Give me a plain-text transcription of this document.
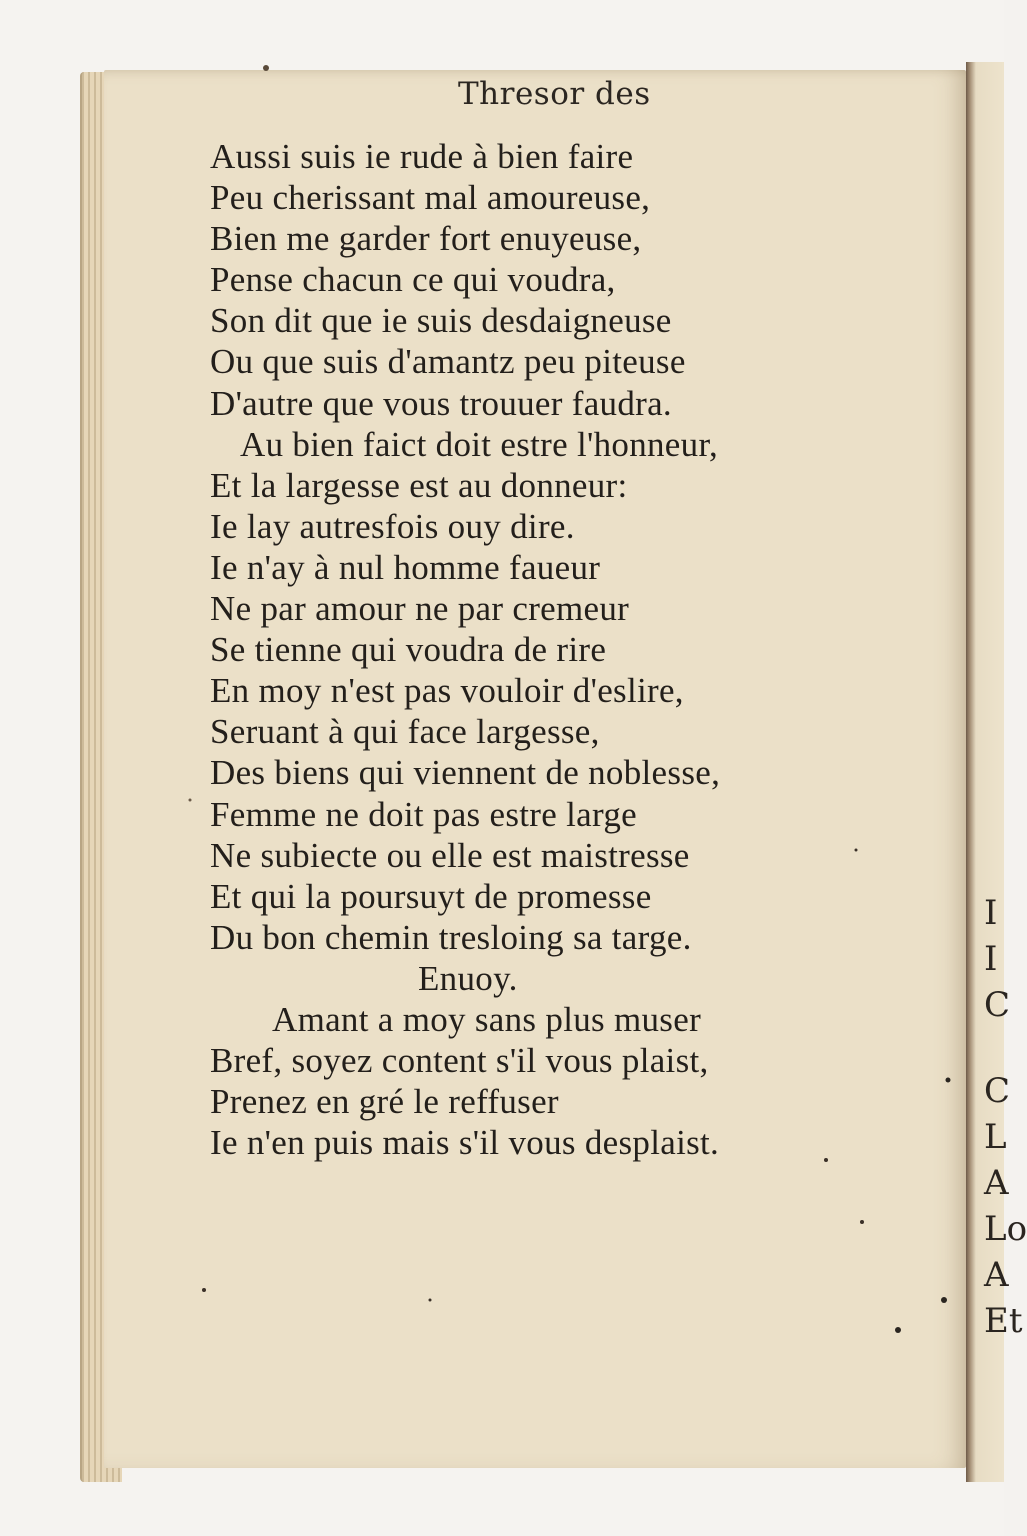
I
I
C
C
L
A
Lo
A
Et
Thresor des
Aussi suis ie rude à bien faire
Peu cherissant mal amoureuse,
Bien me garder fort enuyeuse,
Pense chacun ce qui voudra,
Son dit que ie suis desdaigneuse
Ou que suis d'amantz peu piteuse
D'autre que vous trouuer faudra.
Au bien faict doit estre l'honneur,
Et la largesse est au donneur:
Ie lay autresfois ouy dire.
Ie n'ay à nul homme faueur
Ne par amour ne par cremeur
Se tienne qui voudra de rire
En moy n'est pas vouloir d'eslire,
Seruant à qui face largesse,
Des biens qui viennent de noblesse,
Femme ne doit pas estre large
Ne subiecte ou elle est maistresse
Et qui la poursuyt de promesse
Du bon chemin tresloing sa targe.
Enuoy.
Amant a moy sans plus muser
Bref, soyez content s'il vous plaist,
Prenez en gré le reffuser
Ie n'en puis mais s'il vous desplaist.
